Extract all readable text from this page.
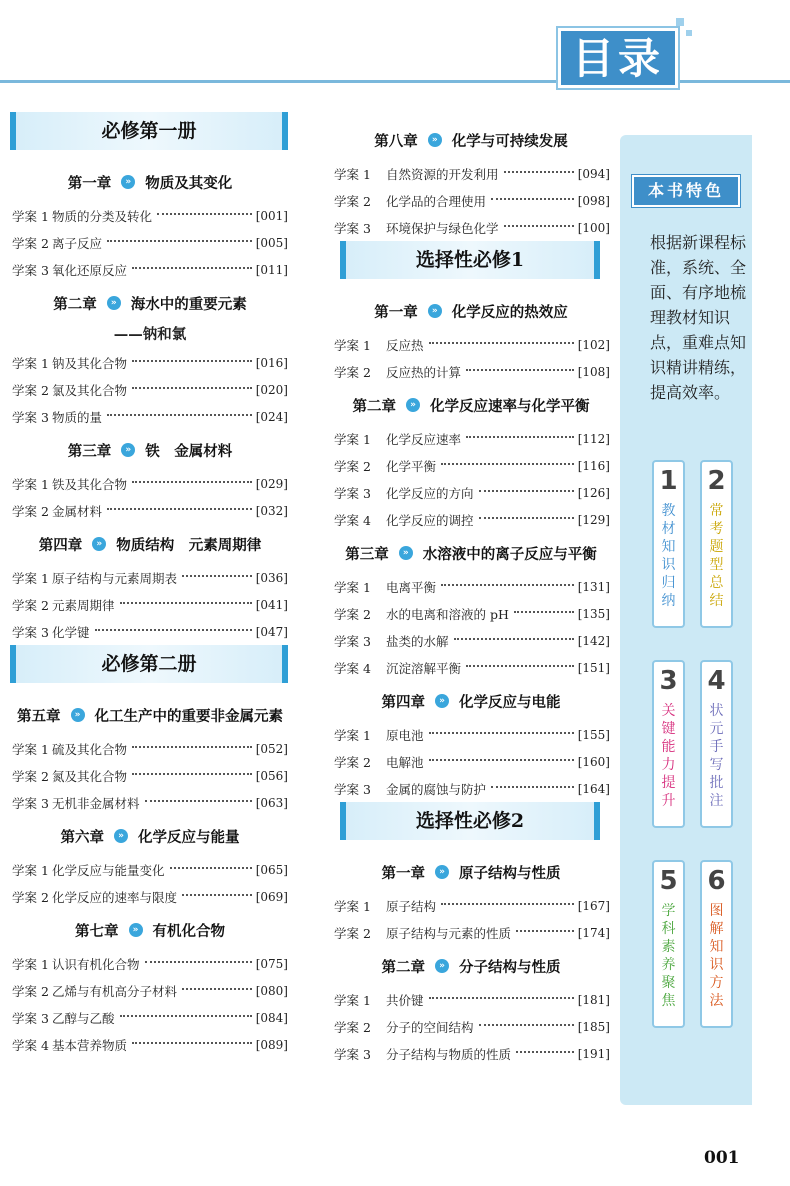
目录
必修第一册
第一章	» 物质及其变化
学案 1 物质的分类及转化	[001]
学案 2 离子反应	[005]
学案 3 氧化还原反应	[011]
第二章	» 海水中的重要元素
——钠和氯
学案 1 钠及其化合物	[016]
学案 2 氯及其化合物	[020]
学案 3 物质的量	[024]
第三章	» 铁　金属材料
学案 1 铁及其化合物	[029]
学案 2 金属材料	[032]
第四章	» 物质结构　元素周期律
学案 1 原子结构与元素周期表	[036]
学案 2 元素周期律	[041]
学案 3 化学键	[047]
必修第二册
第五章	» 化工生产中的重要非金属元素
学案 1 硫及其化合物	[052]
学案 2 氮及其化合物	[056]
学案 3 无机非金属材料	[063]
第六章	» 化学反应与能量
学案 1 化学反应与能量变化	[065]
学案 2 化学反应的速率与限度	[069]
第七章	» 有机化合物
学案 1 认识有机化合物	[075]
学案 2 乙烯与有机高分子材料	[080]
学案 3 乙醇与乙酸	[084]
学案 4 基本营养物质	[089]
第八章	» 化学与可持续发展
学案 1	自然资源的开发利用	[094]
学案 2	化学品的合理使用	[098]
学案 3	环境保护与绿色化学	[100]
选择性必修1
第一章	» 化学反应的热效应
学案 1	反应热	[102]
学案 2	反应热的计算	[108]
第二章	» 化学反应速率与化学平衡
学案 1	化学反应速率	[112]
学案 2	化学平衡	[116]
学案 3	化学反应的方向	[126]
学案 4	化学反应的调控	[129]
第三章	» 水溶液中的离子反应与平衡
学案 1	电离平衡	[131]
学案 2	水的电离和溶液的 pH	[135]
学案 3	盐类的水解	[142]
学案 4	沉淀溶解平衡	[151]
第四章	» 化学反应与电能
学案 1	原电池	[155]
学案 2	电解池	[160]
学案 3	金属的腐蚀与防护	[164]
选择性必修2
第一章	» 原子结构与性质
学案 1	原子结构	[167]
学案 2	原子结构与元素的性质	[174]
第二章	» 分子结构与性质
学案 1	共价键	[181]
学案 2	分子的空间结构	[185]
学案 3	分子结构与物质的性质	[191]
本书特色
根据新课程标准，系统、全面、有序地梳理教材知识点，重难点知识精讲精练，提高效率。
1
教材知识归纳
2
常考题型总结
3
关键能力提升
4
状元手写批注
5
学科素养聚焦
6
图解知识方法
001
